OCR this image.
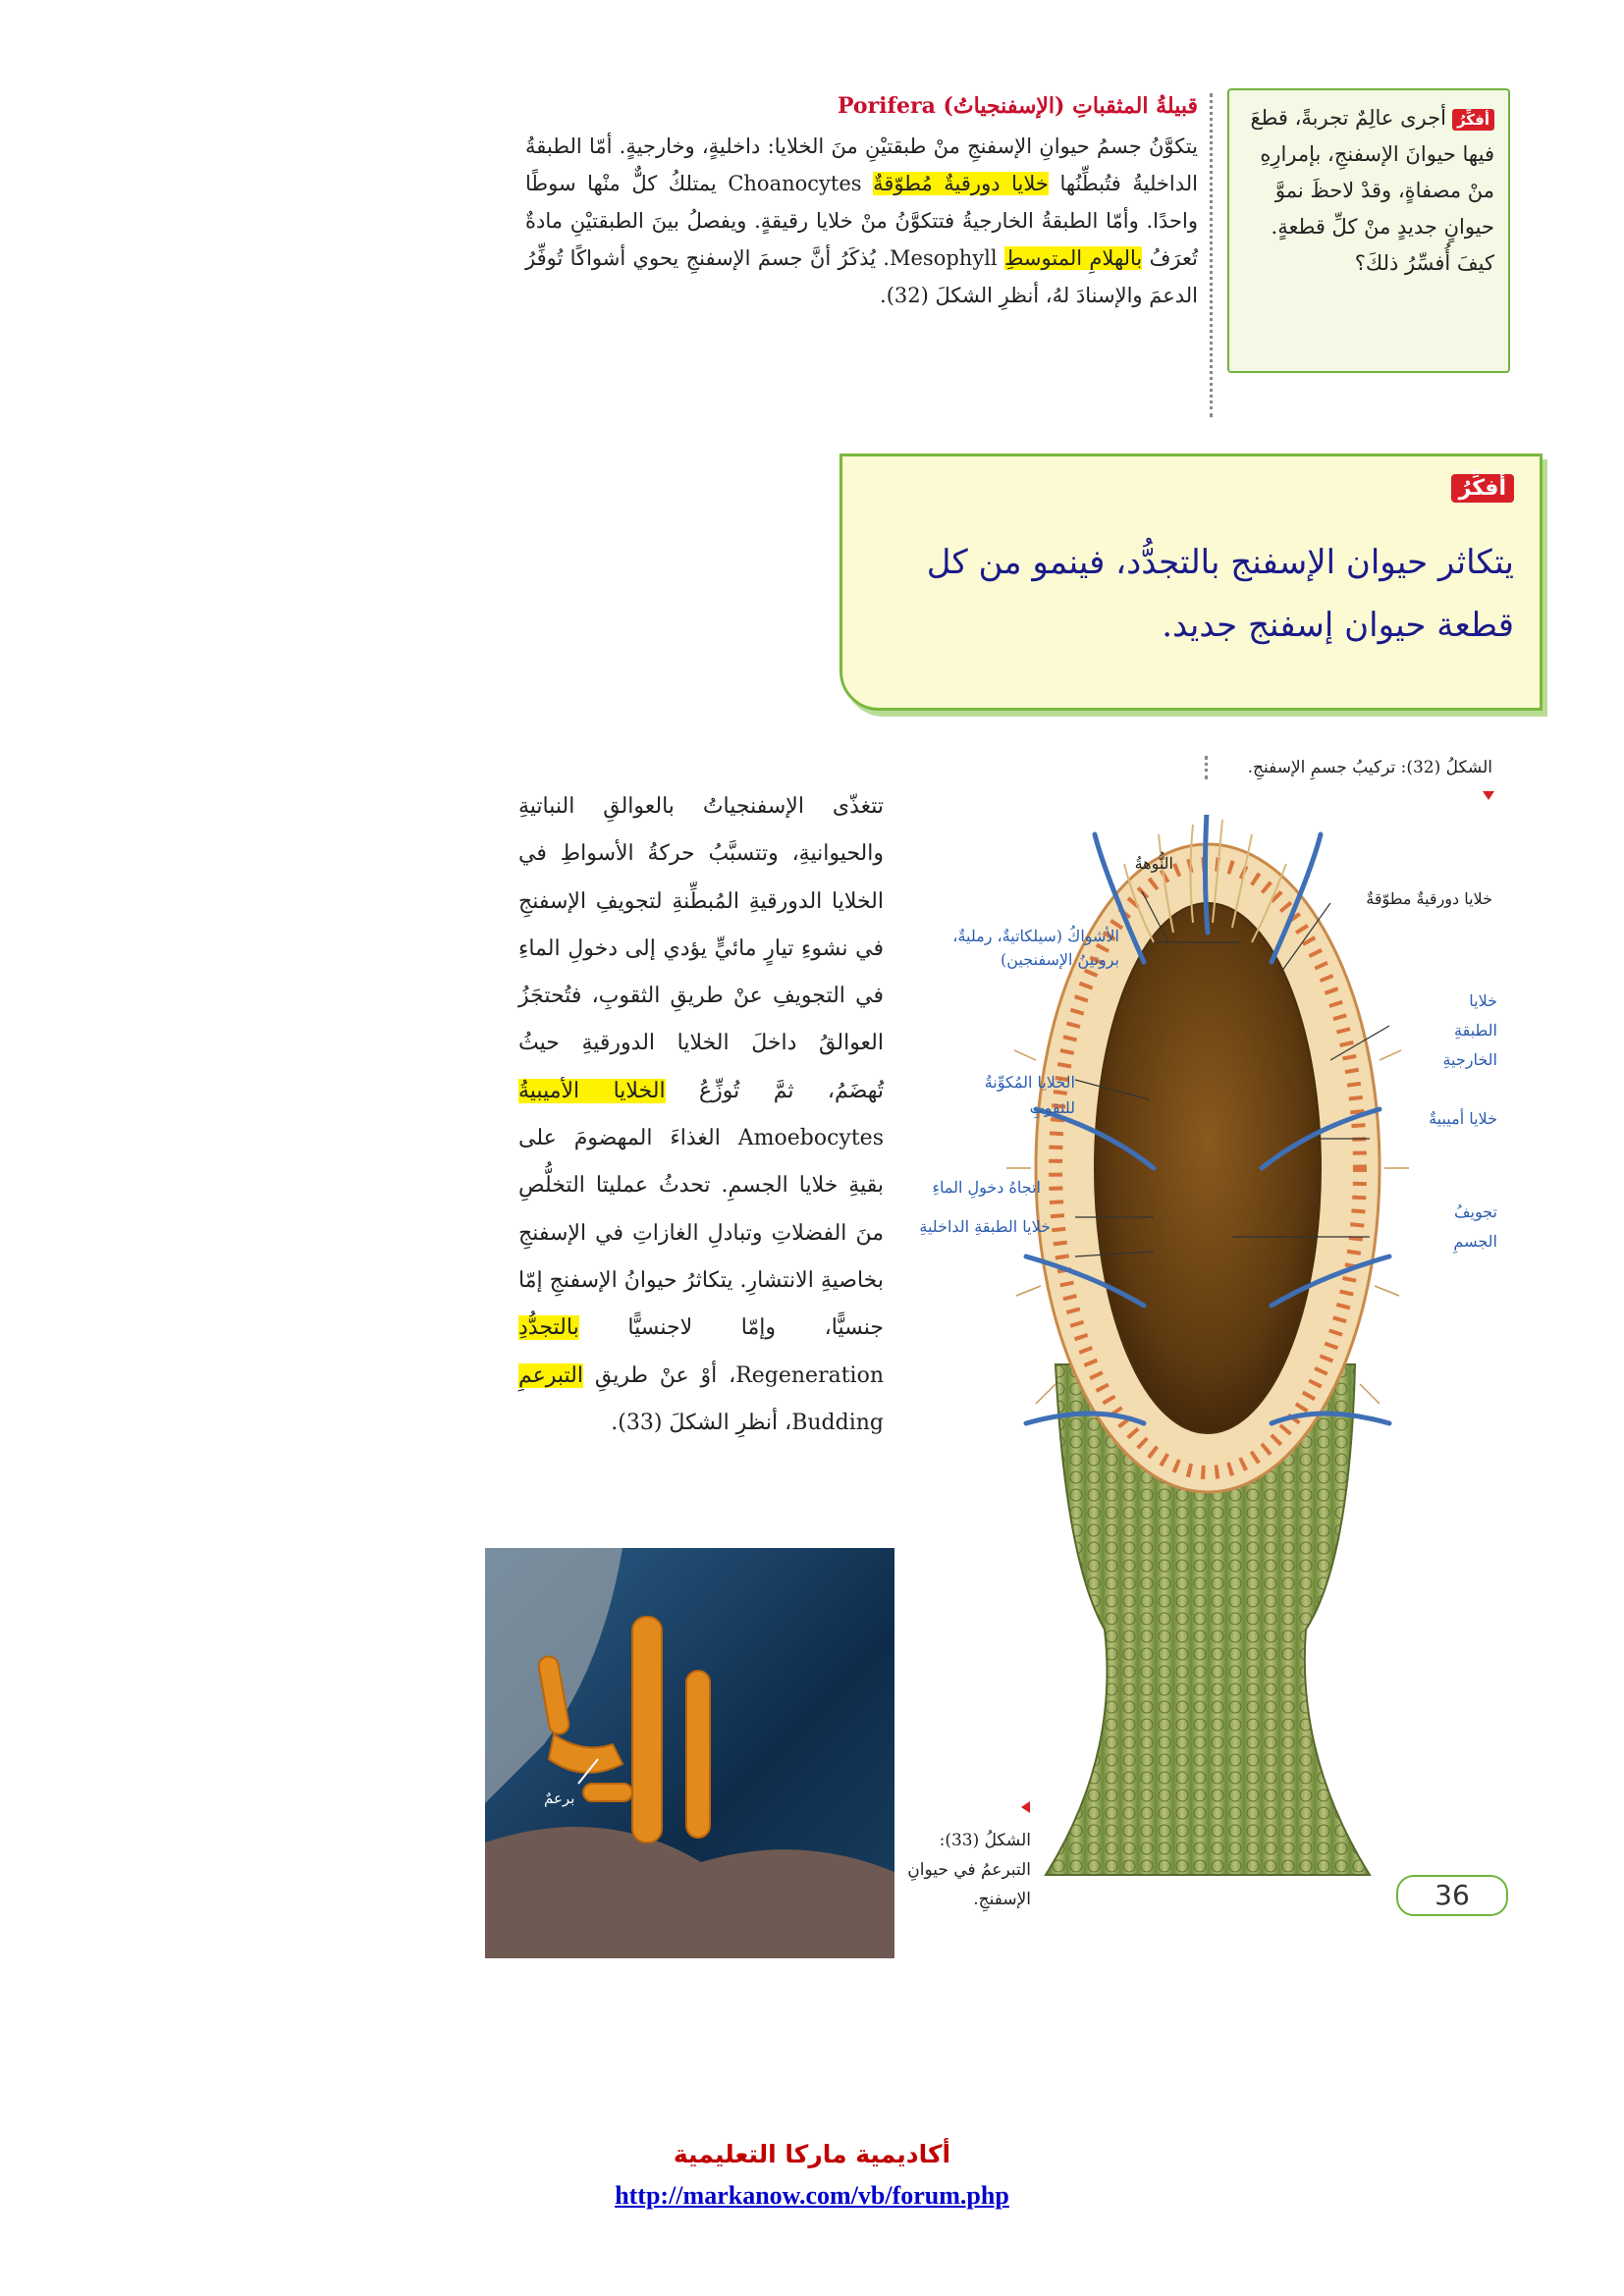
قبيلةُ المثقباتِ (الإسفنجياتُ) Porifera
يتكوَّنُ جسمُ حيوانِ الإسفنجِ منْ طبقتيْنِ منَ الخلايا: داخليةٍ، وخارجيةٍ. أمّا الطبقةُ الداخليةُ فتُبطِّنُها خلايا دورقيةٌ مُطوّقةٌ Choanocytes يمتلكُ كلٌّ منْها سوطًا واحدًا. وأمّا الطبقةُ الخارجيةُ فتتكوَّنُ منْ خلايا رقيقةٍ. ويفصلُ بينَ الطبقتيْنِ مادةٌ تُعرَفُ بالهلامِ المتوسطِ Mesophyll. يُذكَرُ أنَّ جسمَ الإسفنجِ يحوي أشواكًا تُوفِّرُ الدعمَ والإسنادَ لهُ، أنظرِ الشكلَ (32).
أفكِّرُأجرى عالِمٌ تجربةً، قطعَ فيها حيوانَ الإسفنجِ، بإمرارِهِ منْ مصفاةٍ، وقدْ لاحظَ نموَّ حيوانٍ جديدٍ منْ كلِّ قطعةٍ. كيفَ أُفسِّرُ ذلكَ؟
أفكِّرُ
يتكاثر حيوان الإسفنج بالتجدُّد، فينمو من كل قطعة حيوان إسفنج جديد.
الشكلُ (32): تركيبُ جسمِ الإسفنجِ.
النُّوهةُ
خلايا دورقيةٌ مطوّقةٌ
الأشواكُ (سيلكاتيةٌ، رمليةٌ، بروتينُ الإسفنجين)
خلايا الطبقةِ الخارجيةِ
الخلايا المُكوِّنةُ للثقوبِ
خلايا أميبيةٌ
اتجاهُ دخولِ الماءِ
خلايا الطبقةِ الداخليةِ
تجويفُ الجسمِ
تتغذّى الإسفنجياتُ بالعوالقِ النباتيةِ والحيوانيةِ، وتتسبَّبُ حركةُ الأسواطِ في الخلايا الدورقيةِ المُبطِّنةِ لتجويفِ الإسفنجِ في نشوءِ تيارٍ مائيٍّ يؤدي إلى دخولِ الماءِ في التجويفِ عنْ طريقِ الثقوبِ، فتُحتجَزُ العوالقُ داخلَ الخلايا الدورقيةِ حيثُ تُهضَمُ، ثمَّ تُوزِّعُ الخلايا الأميبيةُ Amoebocytes الغذاءَ المهضومَ على بقيةِ خلايا الجسمِ. تحدثُ عمليتا التخلُّصِ منَ الفضلاتِ وتبادلِ الغازاتِ في الإسفنجِ بخاصيةِ الانتشارِ. يتكاثرُ حيوانُ الإسفنجِ إمّا جنسيًّا، وإمّا لاجنسيًّا بالتجدُّدِ Regeneration، أوْ عنْ طريقِ التبرعمِ Budding، أنظرِ الشكلَ (33).
برعمٌ
الشكلُ (33): التبرعمُ في حيوانِ الإسفنجِ.	36
أكاديمية ماركا التعليمية
http://markanow.com/vb/forum.php
